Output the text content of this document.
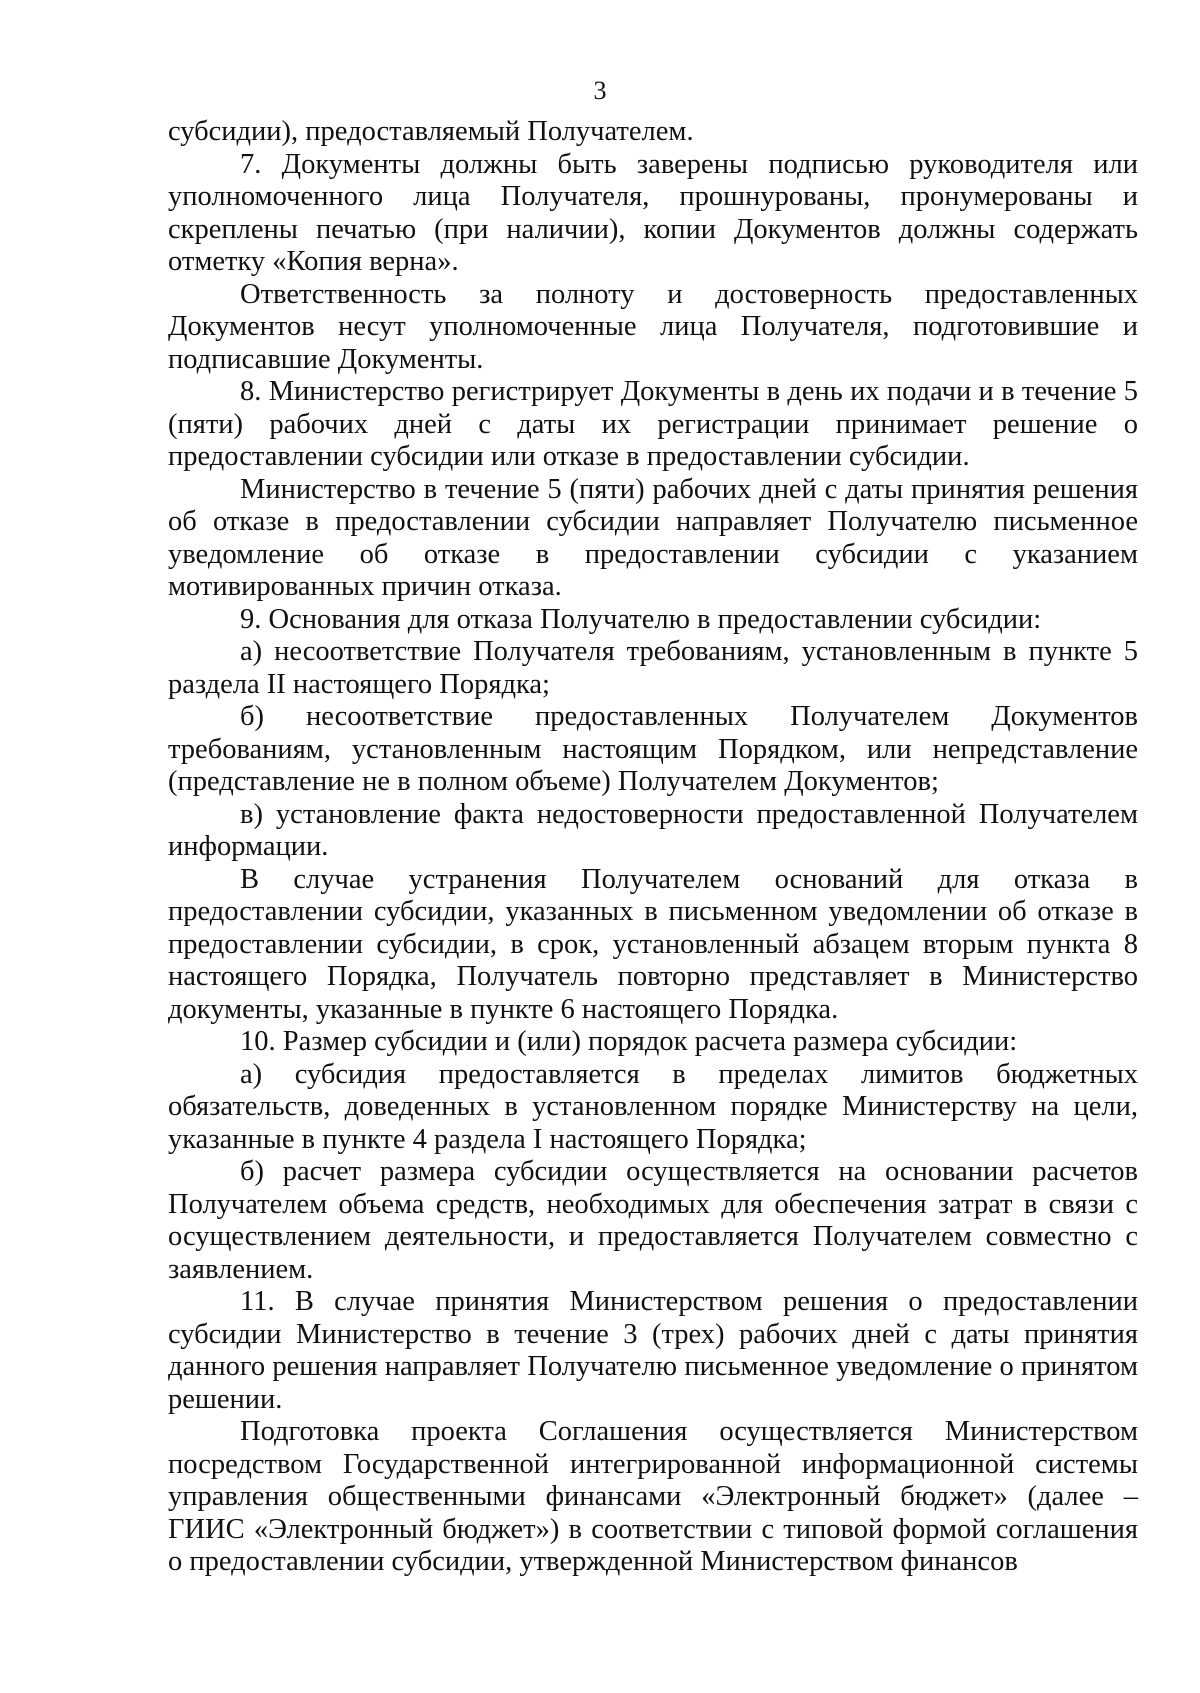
3

субсидии), предоставляемый Получателем.

7. Документы должны быть заверены подписью руководителя или уполномоченного лица Получателя, прошнурованы, пронумерованы и скреплены печатью (при наличии), копии Документов должны содержать отметку «Копия верна».

Ответственность за полноту и достоверность предоставленных Документов несут уполномоченные лица Получателя, подготовившие и подписавшие Документы.

8. Министерство регистрирует Документы в день их подачи и в течение 5 (пяти) рабочих дней с даты их регистрации принимает решение о предоставлении субсидии или отказе в предоставлении субсидии.

Министерство в течение 5 (пяти) рабочих дней с даты принятия решения об отказе в предоставлении субсидии направляет Получателю письменное уведомление об отказе в предоставлении субсидии с указанием мотивированных причин отказа.

9. Основания для отказа Получателю в предоставлении субсидии:

а) несоответствие Получателя требованиям, установленным в пункте 5 раздела II настоящего Порядка;

б) несоответствие предоставленных Получателем Документов требованиям, установленным настоящим Порядком, или непредставление (представление не в полном объеме) Получателем Документов;

в) установление факта недостоверности предоставленной Получателем информации.

В случае устранения Получателем оснований для отказа в предоставлении субсидии, указанных в письменном уведомлении об отказе в предоставлении субсидии, в срок, установленный абзацем вторым пункта 8 настоящего Порядка, Получатель повторно представляет в Министерство документы, указанные в пункте 6 настоящего Порядка.

10. Размер субсидии и (или) порядок расчета размера субсидии:

а) субсидия предоставляется в пределах лимитов бюджетных обязательств, доведенных в установленном порядке Министерству на цели, указанные в пункте 4 раздела I настоящего Порядка;

б) расчет размера субсидии осуществляется на основании расчетов Получателем объема средств, необходимых для обеспечения затрат в связи с осуществлением деятельности, и предоставляется Получателем совместно с заявлением.

11. В случае принятия Министерством решения о предоставлении субсидии Министерство в течение 3 (трех) рабочих дней с даты принятия данного решения направляет Получателю письменное уведомление о принятом решении.

Подготовка проекта Соглашения осуществляется Министерством посредством Государственной интегрированной информационной системы управления общественными финансами «Электронный бюджет» (далее – ГИИС «Электронный бюджет») в соответствии с типовой формой соглашения о предоставлении субсидии, утвержденной Министерством финансов
